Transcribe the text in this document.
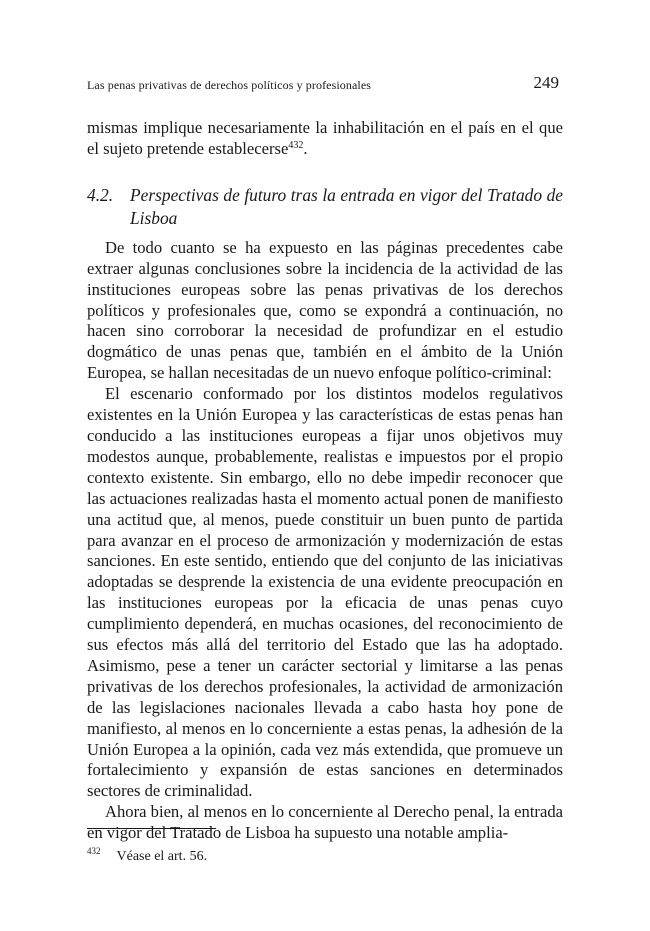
Las penas privativas de derechos políticos y profesionales	249

mismas implique necesariamente la inhabilitación en el país en el que el sujeto pretende establecerse$^{432}$.

4.2. Perspectivas de futuro tras la entrada en vigor del Tratado de Lisboa

De todo cuanto se ha expuesto en las páginas precedentes cabe extraer algunas conclusiones sobre la incidencia de la actividad de las instituciones europeas sobre las penas privativas de los derechos políticos y profesionales que, como se expondrá a continuación, no hacen sino corroborar la necesidad de profundizar en el estudio dogmático de unas penas que, también en el ámbito de la Unión Europea, se hallan necesitadas de un nuevo enfoque político-criminal:

El escenario conformado por los distintos modelos regulativos existentes en la Unión Europea y las características de estas penas han conducido a las instituciones europeas a fijar unos objetivos muy modestos aunque, probablemente, realistas e impuestos por el propio contexto existente. Sin embargo, ello no debe impedir reconocer que las actuaciones realizadas hasta el momento actual ponen de manifiesto una actitud que, al menos, puede constituir un buen punto de partida para avanzar en el proceso de armonización y modernización de estas sanciones. En este sentido, entiendo que del conjunto de las iniciativas adoptadas se desprende la existencia de una evidente preocupación en las instituciones europeas por la eficacia de unas penas cuyo cumplimiento dependerá, en muchas ocasiones, del reconocimiento de sus efectos más allá del territorio del Estado que las ha adoptado. Asimismo, pese a tener un carácter sectorial y limitarse a las penas privativas de los derechos profesionales, la actividad de armonización de las legislaciones nacionales llevada a cabo hasta hoy pone de manifiesto, al menos en lo concerniente a estas penas, la adhesión de la Unión Europea a la opinión, cada vez más extendida, que promueve un fortalecimiento y expansión de estas sanciones en determinados sectores de criminalidad.

Ahora bien, al menos en lo concerniente al Derecho penal, la entrada en vigor del Tratado de Lisboa ha supuesto una notable amplia-

$^{432}$ Véase el art. 56.
